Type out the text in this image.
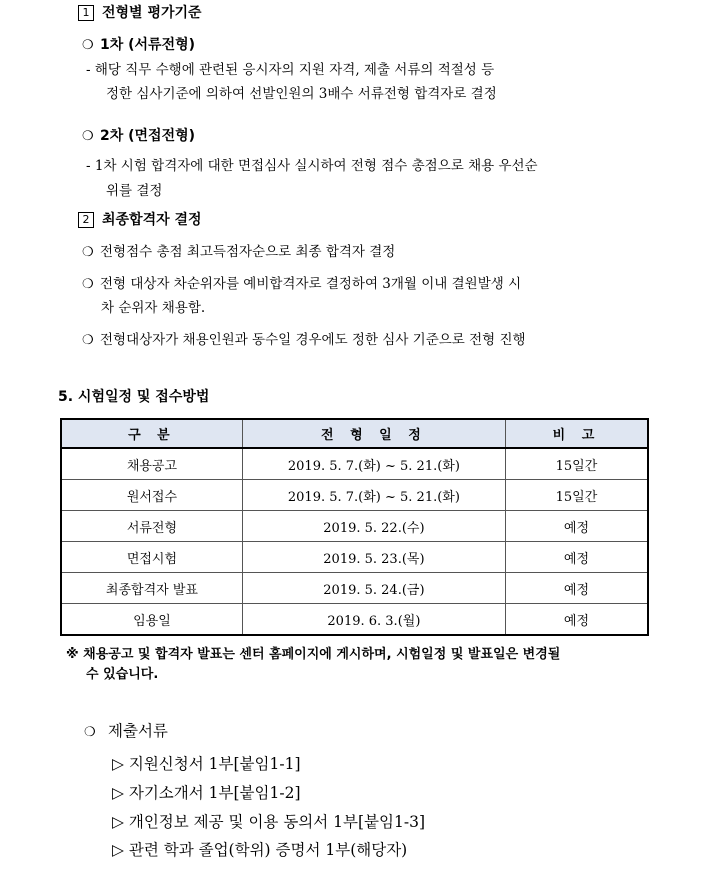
1 전형별 평가기준
❍ 1차 (서류전형)
- 해당 직무 수행에 관련된 응시자의 지원 자격, 제출 서류의 적절성 등
정한 심사기준에 의하여 선발인원의 3배수 서류전형 합격자로 결정
❍ 2차 (면접전형)
- 1차 시험 합격자에 대한 면접심사 실시하여 전형 점수 총점으로 채용 우선순
위를 결정
2 최종합격자 결정
❍ 전형점수 총점 최고득점자순으로 최종 합격자 결정
❍ 전형 대상자 차순위자를 예비합격자로 결정하여 3개월 이내 결원발생 시
차 순위자 채용함.
❍ 전형대상자가 채용인원과 동수일 경우에도 정한 심사 기준으로 전형 진행
5. 시험일정 및 접수방법
구 분	전 형 일 정	비 고
채용공고	2019. 5. 7.(화) ~ 5. 21.(화)	15일간
원서접수	2019. 5. 7.(화) ~ 5. 21.(화)	15일간
서류전형	2019. 5. 22.(수)	예정
면접시험	2019. 5. 23.(목)	예정
최종합격자 발표	2019. 5. 24.(금)	예정
임용일	2019. 6. 3.(월)	예정
※ 채용공고 및 합격자 발표는 센터 홈페이지에 게시하며, 시험일정 및 발표일은 변경될
수 있습니다.
❍ 제출서류
▷ 지원신청서 1부[붙임1-1]
▷ 자기소개서 1부[붙임1-2]
▷ 개인정보 제공 및 이용 동의서 1부[붙임1-3]
▷ 관련 학과 졸업(학위) 증명서 1부(해당자)
